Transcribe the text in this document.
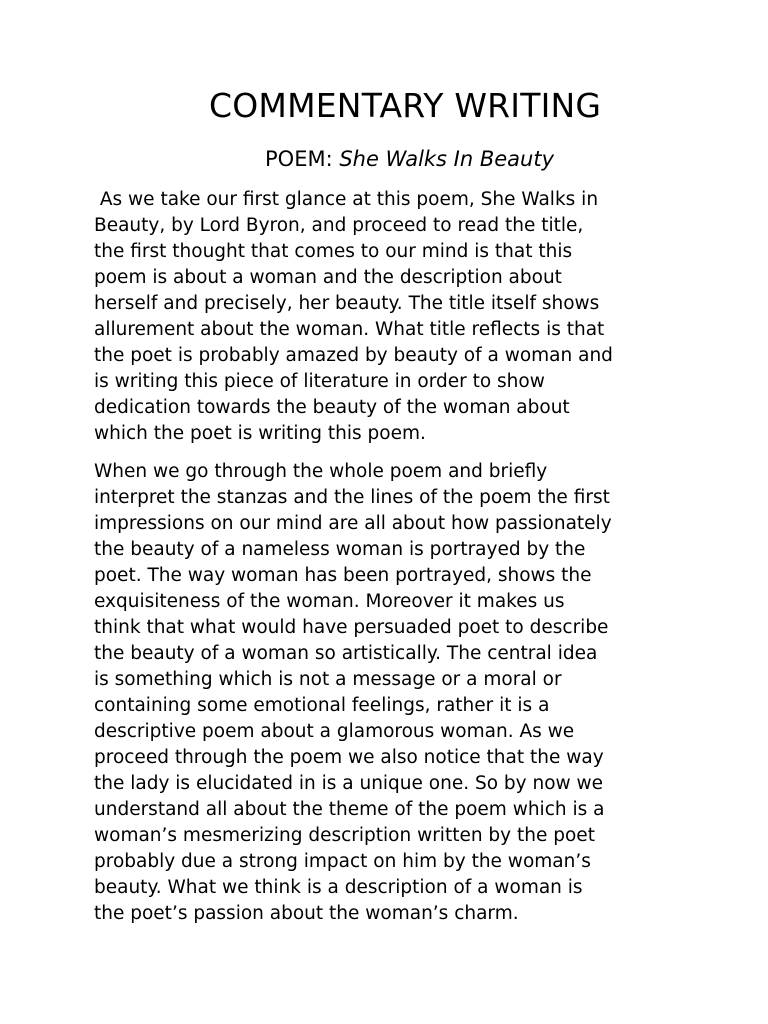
COMMENTARY WRITING
POEM: She Walks In Beauty

As we take our first glance at this poem, She Walks in
Beauty, by Lord Byron, and proceed to read the title,
the first thought that comes to our mind is that this
poem is about a woman and the description about
herself and precisely, her beauty. The title itself shows
allurement about the woman. What title reflects is that
the poet is probably amazed by beauty of a woman and
is writing this piece of literature in order to show
dedication towards the beauty of the woman about
which the poet is writing this poem.

When we go through the whole poem and briefly
interpret the stanzas and the lines of the poem the first
impressions on our mind are all about how passionately
the beauty of a nameless woman is portrayed by the
poet. The way woman has been portrayed, shows the
exquisiteness of the woman. Moreover it makes us
think that what would have persuaded poet to describe
the beauty of a woman so artistically. The central idea
is something which is not a message or a moral or
containing some emotional feelings, rather it is a
descriptive poem about a glamorous woman. As we
proceed through the poem we also notice that the way
the lady is elucidated in is a unique one. So by now we
understand all about the theme of the poem which is a
woman’s mesmerizing description written by the poet
probably due a strong impact on him by the woman’s
beauty. What we think is a description of a woman is
the poet’s passion about the woman’s charm.
